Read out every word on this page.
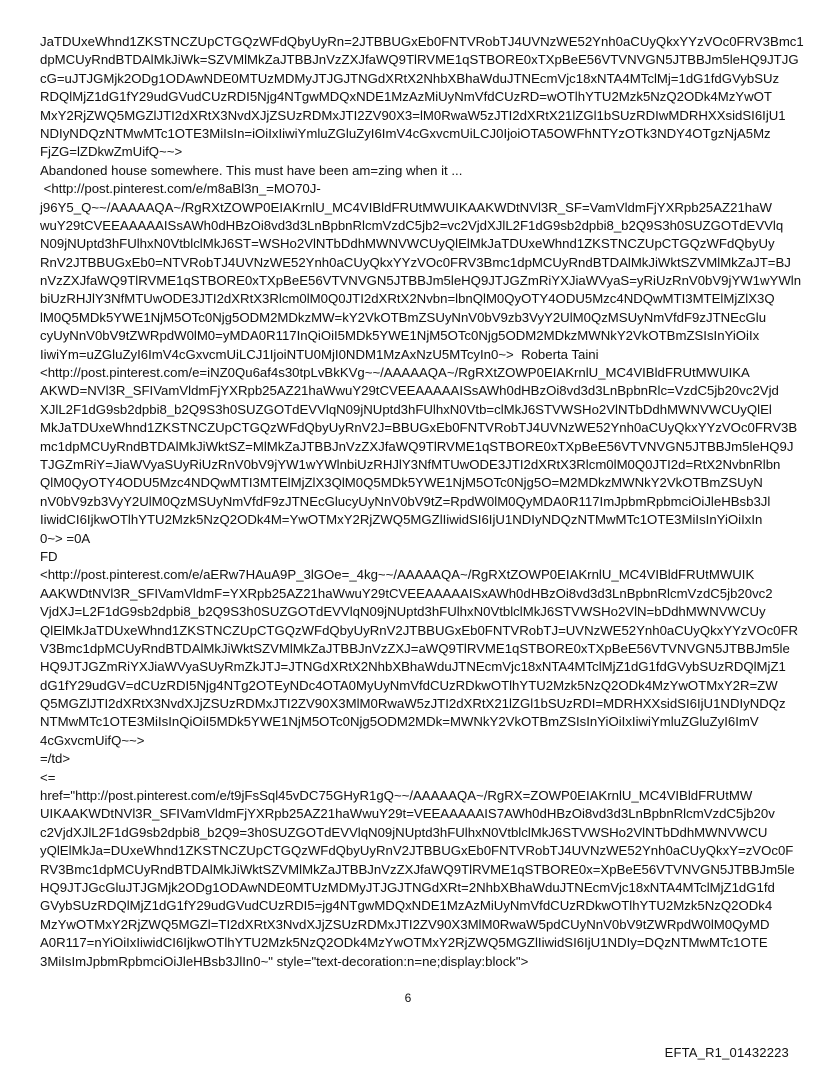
JaTDUxeWhnd1ZKSTNCZUpCTGQzWFdQbyUyRn=2JTBBUGxEb0FNTVRobTJ4UVNzWE52Ynh0aCUyQkxYYzVOc0FRV3Bmc1
dpMCUyRndBTDAlMkJiWk=SZVMlMkZaJTBBJnVzZXJfaWQ9TlRVME1qSTBORE0xTXpBeE56VTVNVGN5JTBBJm5leHQ9JTJG
cG=uJTJGMjk2ODg1ODAwNDE0MTUzMDMyJTJGJTNGdXRtX2NhbXBhaWduJTNEcmVjc18xNTA4MTclMj=1dG1fdGVybSUz
RDQlMjZ1dG1fY29udGVudCUzRDI5Njg4NTgwMDQxNDE1MzAzMiUyNmVfdCUzRD=wOTlhYTU2Mzk5NzQ2ODk4MzYwOT
MxY2RjZWQ5MGZlJTI2dXRtX3NvdXJjZSUzRDMxJTI2ZV90X3=lM0RwaW5zJTI2dXRtX21lZGl1bSUzRDIwMDRHXXsidSI6IjU1
NDIyNDQzNTMwMTc1OTE3MiIsIn=iOiIxIiwiYmluZGluZyI6ImV4cGxvcmUiLCJ0IjoiOTA5OWFhNTYzOTk3NDY4OTgzNjA5Mz
FjZG=lZDkwZmUifQ~~>
Abandoned house somewhere. This must have been am=zing when it ...
<http://post.pinterest.com/e/m8aBl3n_=MO70J-
j96Y5_Q~~/AAAAAQA~/RgRXtZOWP0EIAKrnlU_MC4VIBldFRUtMWUIKAAKWDtNVl3R_SF=VamVldmFjYXRpb25AZ21haW
wuY29tCVEEAAAAAISsAWh0dHBzOi8vd3d3LnBpbnRlcmVzdC5jb2=vc2VjdXJlL2F1dG9sb2dpbi8_b2Q9S3h0SUZGOTdEVVlq
N09jNUptd3hFUlhxN0VtblclMkJ6ST=WSHo2VlNTbDdhMWNVWCUyQlElMkJaTDUxeWhnd1ZKSTNCZUpCTGQzWFdQbyUy
RnV2JTBBUGxEb0=NTVRobTJ4UVNzWE52Ynh0aCUyQkxYYzVOc0FRV3Bmc1dpMCUyRndBTDAlMkJiWktSZVMlMkZaJT=BJ
nVzZXJfaWQ9TlRVME1qSTBORE0xTXpBeE56VTVNVGN5JTBBJm5leHQ9JTJGZmRiYXJiaWVyaS=yRiUzRnV0bV9jYW1wYWln
biUzRHJlY3NfMTUwODE3JTI2dXRtX3Rlcm0lM0Q0JTI2dXRtX2Nvbn=lbnQlM0QyOTY4ODU5Mzc4NDQwMTI3MTElMjZlX3Q
lM0Q5MDk5YWE1NjM5OTc0Njg5ODM2MDkzMW=kY2VkOTBmZSUyNnV0bV9zb3VyY2UlM0QzMSUyNmVfdF9zJTNEcGlu
cyUyNnV0bV9tZWRpdW0lM0=yMDA0R117InQiOiI5MDk5YWE1NjM5OTc0Njg5ODM2MDkzMWNkY2VkOTBmZSIsInYiOiIx
IiwiYm=uZGluZyI6ImV4cGxvcmUiLCJ1IjoiNTU0MjI0NDM1MzAxNzU5MTcyIn0~>  Roberta Taini
<http://post.pinterest.com/e=iNZ0Qu6af4s30tpLvBkKVg~~/AAAAAQA~/RgRXtZOWP0EIAKrnlU_MC4VIBldFRUtMWUIKA
AKWD=NVl3R_SFIVamVldmFjYXRpb25AZ21haWwuY29tCVEEAAAAAISsAWh0dHBzOi8vd3d3LnBpbnRlc=VzdC5jb20vc2Vjd
XJlL2F1dG9sb2dpbi8_b2Q9S3h0SUZGOTdEVVlqN09jNUptd3hFUlhxN0Vtb=clMkJ6STVWSHo2VlNTbDdhMWNVWCUyQlEl
MkJaTDUxeWhnd1ZKSTNCZUpCTGQzWFdQbyUyRnV2J=BBUGxEb0FNTVRobTJ4UVNzWE52Ynh0aCUyQkxYYzVOc0FRV3B
mc1dpMCUyRndBTDAlMkJiWktSZ=MlMkZaJTBBJnVzZXJfaWQ9TlRVME1qSTBORE0xTXpBeE56VTVNVGN5JTBBJm5leHQ9J
TJGZmRiY=JiaWVyaSUyRiUzRnV0bV9jYW1wYWlnbiUzRHJlY3NfMTUwODE3JTI2dXRtX3Rlcm0lM0Q0JTI2d=RtX2NvbnRlbn
QlM0QyOTY4ODU5Mzc4NDQwMTI3MTElMjZlX3QlM0Q5MDk5YWE1NjM5OTc0Njg5O=M2MDkzMWNkY2VkOTBmZSUyN
nV0bV9zb3VyY2UlM0QzMSUyNmVfdF9zJTNEcGlucyUyNnV0bV9tZ=RpdW0lM0QyMDA0R117ImJpbmRpbmciOiJleHBsb3Jl
IiwidCI6IjkwOTlhYTU2Mzk5NzQ2ODk4M=YwOTMxY2RjZWQ5MGZlIiwidSI6IjU1NDIyNDQzNTMwMTc1OTE3MiIsInYiOiIxIn
0~> =0A
FD
<http://post.pinterest.com/e/aERw7HAuA9P_3lGOe=_4kg~~/AAAAAQA~/RgRXtZOWP0EIAKrnlU_MC4VIBldFRUtMWUIK
AAKWDtNVl3R_SFIVamVldmF=YXRpb25AZ21haWwuY29tCVEEAAAAAISxAWh0dHBzOi8vd3d3LnBpbnRlcmVzdC5jb20vc2
VjdXJ=L2F1dG9sb2dpbi8_b2Q9S3h0SUZGOTdEVVlqN09jNUptd3hFUlhxN0VtblclMkJ6STVWSHo2VlN=bDdhMWNVWCUy
QlElMkJaTDUxeWhnd1ZKSTNCZUpCTGQzWFdQbyUyRnV2JTBBUGxEb0FNTVRobTJ=UVNzWE52Ynh0aCUyQkxYYzVOc0FR
V3Bmc1dpMCUyRndBTDAlMkJiWktSZVMlMkZaJTBBJnVzZXJ=aWQ9TlRVME1qSTBORE0xTXpBeE56VTVNVGN5JTBBJm5le
HQ9JTJGZmRiYXJiaWVyaSUyRmZkJTJ=JTNGdXRtX2NhbXBhaWduJTNEcmVjc18xNTA4MTclMjZ1dG1fdGVybSUzRDQlMjZ1
dG1fY29udGV=dCUzRDI5Njg4NTg2OTEyNDc4OTA0MyUyNmVfdCUzRDkwOTlhYTU2Mzk5NzQ2ODk4MzYwOTMxY2R=ZW
Q5MGZlJTI2dXRtX3NvdXJjZSUzRDMxJTI2ZV90X3MlM0RwaW5zJTI2dXRtX21lZGl1bSUzRDI=MDRHXXsidSI6IjU1NDIyNDQz
NTMwMTc1OTE3MiIsInQiOiI5MDk5YWE1NjM5OTc0Njg5ODM2MDk=MWNkY2VkOTBmZSIsInYiOiIxIiwiYmluZGluZyI6ImV
4cGxvcmUifQ~~>
=/td>
<=
href="http://post.pinterest.com/e/t9jFsSql45vDC75GHyR1gQ~~/AAAAAQA~/RgRX=ZOWP0EIAKrnlU_MC4VIBldFRUtMW
UIKAAKWDtNVl3R_SFIVamVldmFjYXRpb25AZ21haWwuY29t=VEEAAAAAIS7AWh0dHBzOi8vd3d3LnBpbnRlcmVzdC5jb20v
c2VjdXJlL2F1dG9sb2dpbi8_b2Q9=3h0SUZGOTdEVVlqN09jNUptd3hFUlhxN0VtblclMkJ6STVWSHo2VlNTbDdhMWNVWCU
yQlElMkJa=DUxeWhnd1ZKSTNCZUpCTGQzWFdQbyUyRnV2JTBBUGxEb0FNTVRobTJ4UVNzWE52Ynh0aCUyQkxY=zVOc0F
RV3Bmc1dpMCUyRndBTDAlMkJiWktSZVMlMkZaJTBBJnVzZXJfaWQ9TlRVME1qSTBORE0x=XpBeE56VTVNVGN5JTBBJm5le
HQ9JTJGcGluJTJGMjk2ODg1ODAwNDE0MTUzMDMyJTJGJTNGdXRt=2NhbXBhaWduJTNEcmVjc18xNTA4MTclMjZ1dG1fd
GVybSUzRDQlMjZ1dG1fY29udGVudCUzRDI5=jg4NTgwMDQxNDE1MzAzMiUyNmVfdCUzRDkwOTlhYTU2Mzk5NzQ2ODk4
MzYwOTMxY2RjZWQ5MGZl=TI2dXRtX3NvdXJjZSUzRDMxJTI2ZV90X3MlM0RwaW5pdCUyNnV0bV9tZWRpdW0lM0QyMD
A0R117=nYiOiIxIiwidCI6IjkwOTlhYTU2Mzk5NzQ2ODk4MzYwOTMxY2RjZWQ5MGZlIiwidSI6IjU1NDIy=DQzNTMwMTc1OTE
3MiIsImJpbmRpbmciOiJleHBsb3JlIn0~" style="text-decoration:n=ne;display:block">
6
EFTA_R1_01432223
